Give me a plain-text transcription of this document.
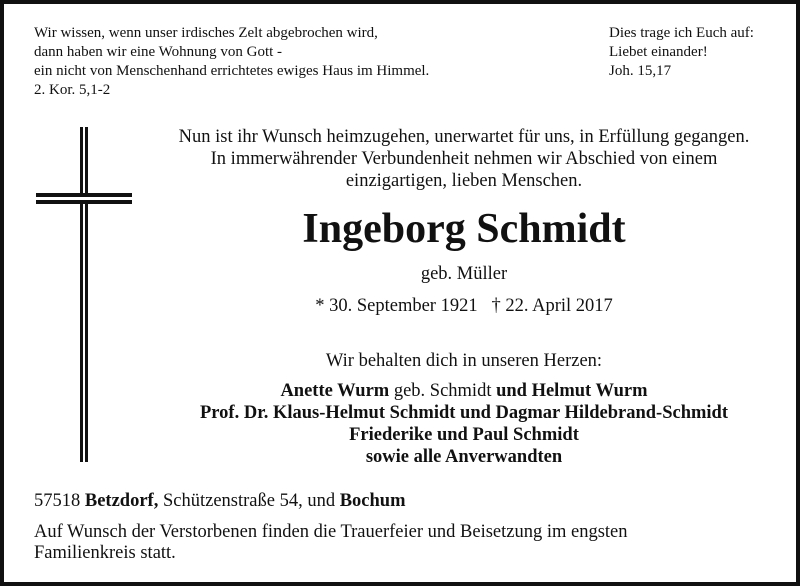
Wir wissen, wenn unser irdisches Zelt abgebrochen wird,
dann haben wir eine Wohnung von Gott -
ein nicht von Menschenhand errichtetes ewiges Haus im Himmel.
2. Kor. 5,1-2
Dies trage ich Euch auf:
Liebet einander!
Joh. 15,17
Nun ist ihr Wunsch heimzugehen, unerwartet für uns, in Erfüllung gegangen.
In immerwährender Verbundenheit nehmen wir Abschied von einem
einzigartigen, lieben Menschen.
Ingeborg Schmidt
geb. Müller
* 30. September 1921 † 22. April 2017
Wir behalten dich in unseren Herzen:
Anette Wurm geb. Schmidt und Helmut Wurm
Prof. Dr. Klaus-Helmut Schmidt und Dagmar Hildebrand-Schmidt
Friederike und Paul Schmidt
sowie alle Anverwandten
57518 Betzdorf, Schützenstraße 54, und Bochum
Auf Wunsch der Verstorbenen finden die Trauerfeier und Beisetzung im engsten
Familienkreis statt.
